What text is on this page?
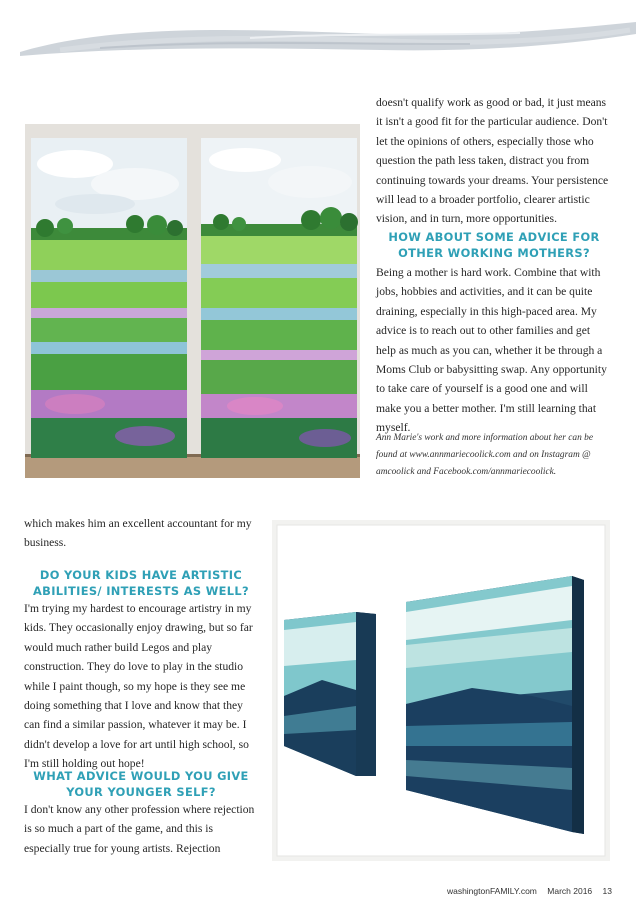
doesn't qualify work as good or bad, it just means it isn't a good fit for the particular audience. Don't let the opinions of others, especially those who question the path less taken, distract you from continuing towards your dreams. Your persistence will lead to a broader portfolio, clearer artistic vision, and in turn, more opportunities.

HOW ABOUT SOME ADVICE FOR OTHER WORKING MOTHERS?

Being a mother is hard work. Combine that with jobs, hobbies and activities, and it can be quite draining, especially in this high-paced area. My advice is to reach out to other families and get help as much as you can, whether it be through a Moms Club or babysitting swap. Any opportunity to take care of yourself is a good one and will make you a better mother. I'm still learning that myself.

Ann Marie's work and more information about her can be found at www.annmariecoolick.com and on Instagram @ amcoolick and Facebook.com/annmariecoolick.

which makes him an excellent accountant for my business.

DO YOUR KIDS HAVE ARTISTIC ABILITIES/ INTERESTS AS WELL?

I'm trying my hardest to encourage artistry in my kids. They occasionally enjoy drawing, but so far would much rather build Legos and play construction. They do love to play in the studio while I paint though, so my hope is they see me doing something that I love and know that they can find a similar passion, whatever it may be. I didn't develop a love for art until high school, so I'm still holding out hope!

WHAT ADVICE WOULD YOU GIVE YOUR YOUNGER SELF?

I don't know any other profession where rejection is so much a part of the game, and this is especially true for young artists. Rejection

washingtonFAMILY.com March 2016 13
